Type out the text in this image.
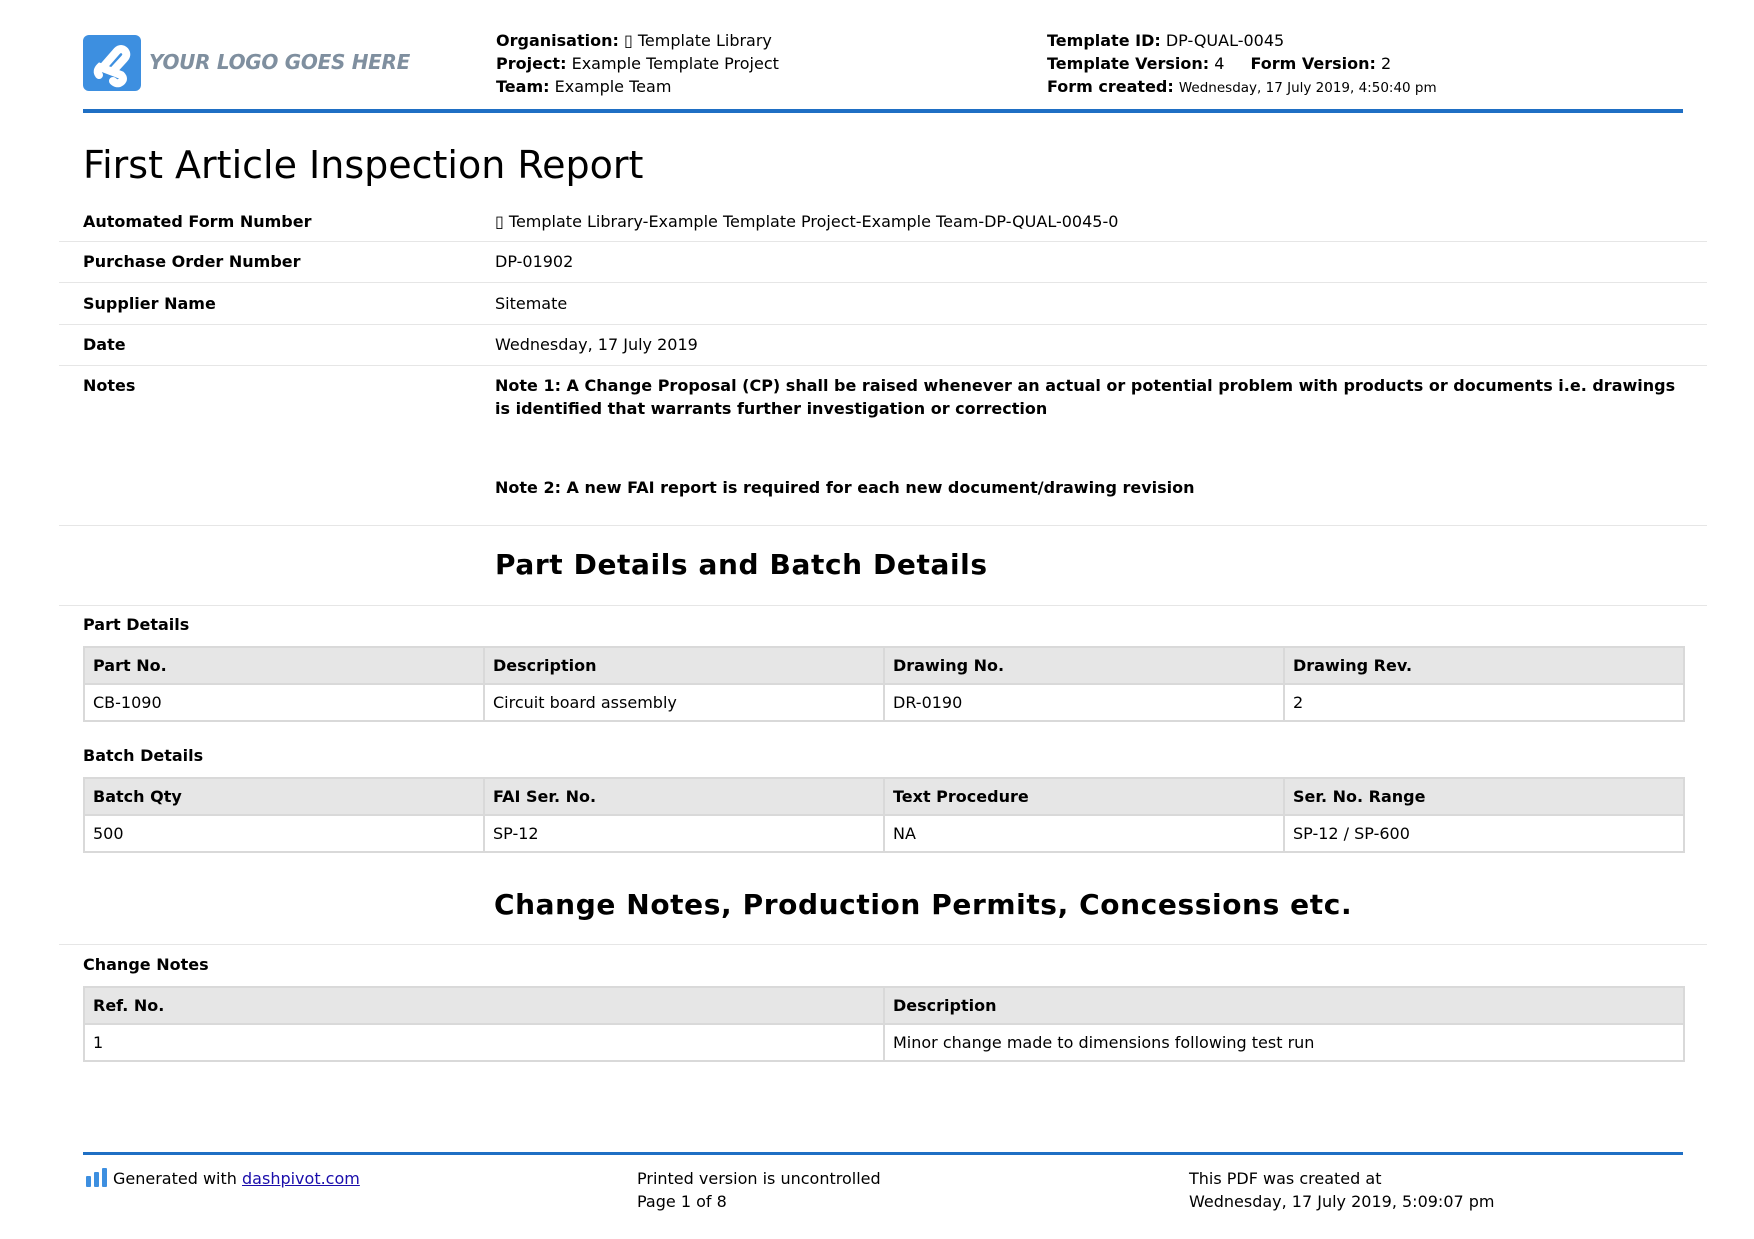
YOUR LOGO GOES HERE
Organisation: ▯ Template Library
Project: Example Template Project
Team: Example Team
Template ID: DP-QUAL-0045
Template Version: 4 Form Version: 2
Form created: Wednesday, 17 July 2019, 4:50:40 pm
First Article Inspection Report
Automated Form Number	▯ Template Library-Example Template Project-Example Team-DP-QUAL-0045-0
Purchase Order Number	DP-01902
Supplier Name	Sitemate
Date	Wednesday, 17 July 2019
Notes	Note 1: A Change Proposal (CP) shall be raised whenever an actual or potential problem with products or documents i.e. drawings is identified that warrants further investigation or correction
Note 2: A new FAI report is required for each new document/drawing revision
Part Details and Batch Details
Part Details
Part No.	Description	Drawing No.	Drawing Rev.
CB-1090	Circuit board assembly	DR-0190	2
Batch Details
Batch Qty	FAI Ser. No.	Text Procedure	Ser. No. Range
500	SP-12	NA	SP-12 / SP-600
Change Notes, Production Permits, Concessions etc.
Change Notes
Ref. No.	Description
1	Minor change made to dimensions following test run
Generated with dashpivot.com	Printed version is uncontrolled
Page 1 of 8
This PDF was created at
Wednesday, 17 July 2019, 5:09:07 pm
